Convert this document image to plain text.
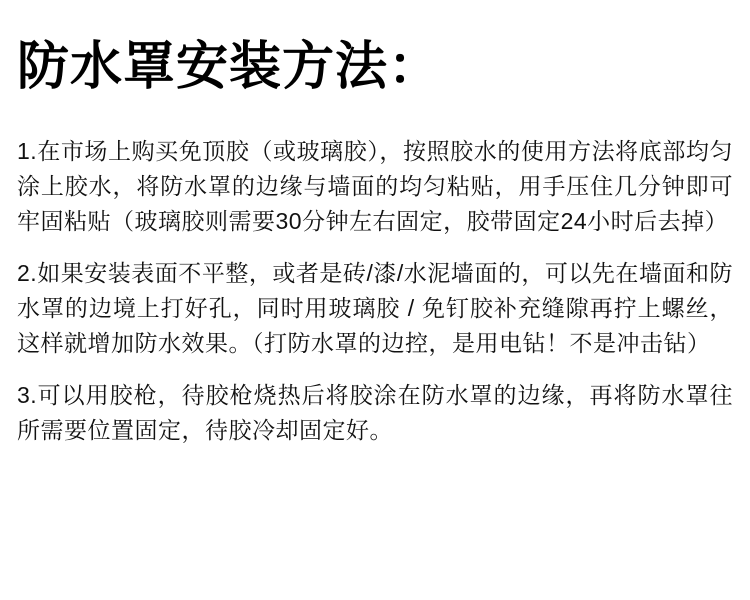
防水罩安装方法：

1.在市场上购买免顶胶（或玻璃胶），按照胶水的使用方法将底部均匀涂上胶水，将防水罩的边缘与墙面的均匀粘贴，用手压住几分钟即可牢固粘贴（玻璃胶则需要30分钟左右固定，胶带固定24小时后去掉）

2.如果安装表面不平整，或者是砖/漆/水泥墙面的，可以先在墙面和防水罩的边境上打好孔，同时用玻璃胶 / 免钉胶补充缝隙再拧上螺丝，这样就增加防水效果。（打防水罩的边控，是用电钻！不是冲击钻）

3.可以用胶枪，待胶枪烧热后将胶涂在防水罩的边缘，再将防水罩往所需要位置固定，待胶冷却固定好。
